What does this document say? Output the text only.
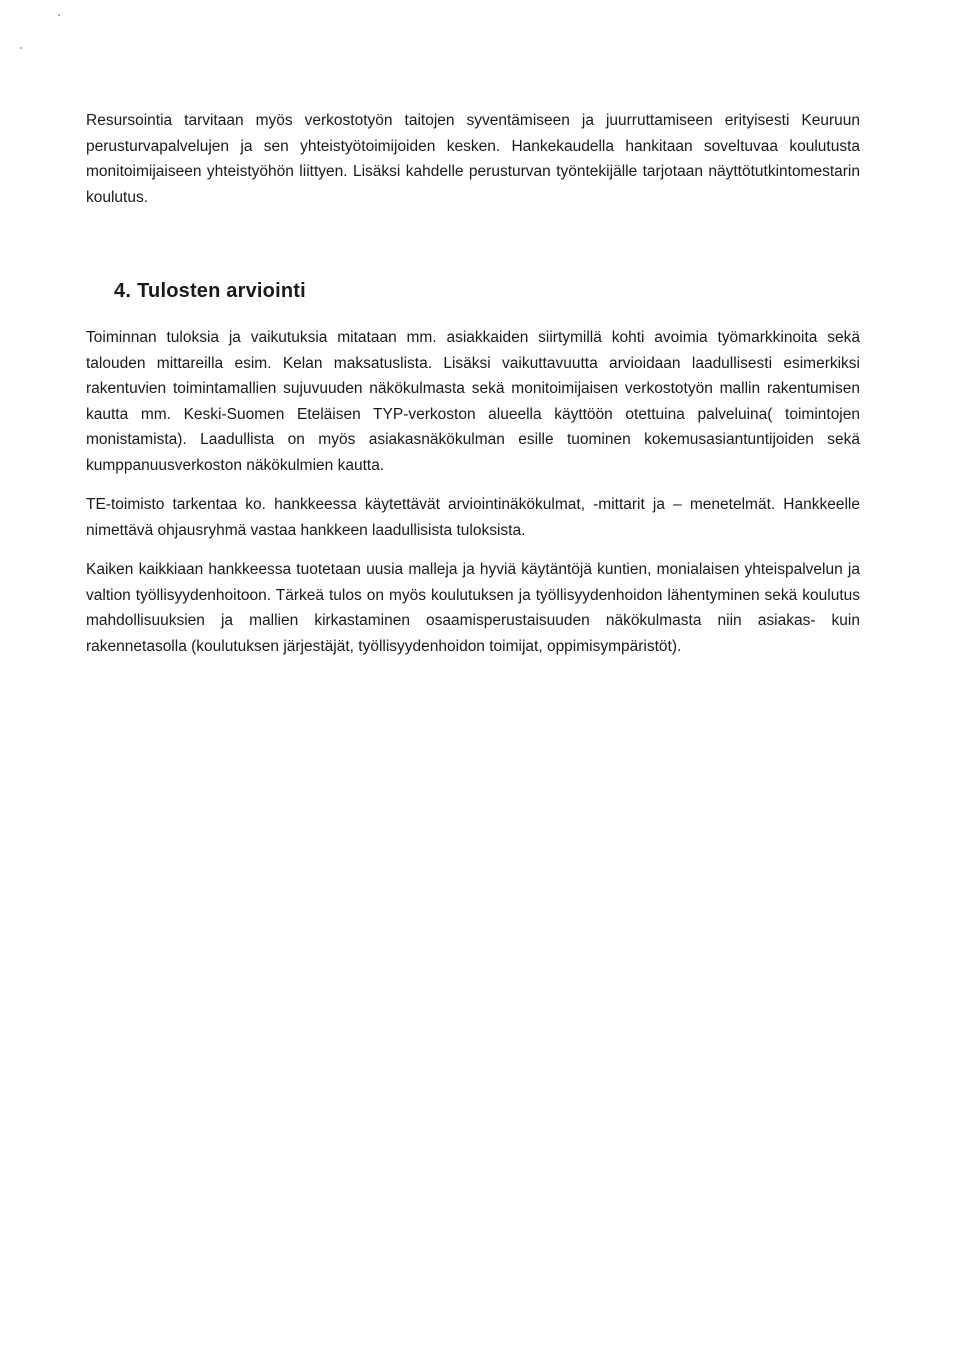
Resursointia tarvitaan myös verkostotyön taitojen syventämiseen ja juurruttamiseen erityisesti Keuruun perusturvapalvelujen ja sen yhteistyötoimijoiden kesken. Hankekaudella hankitaan soveltuvaa koulutusta monitoimijaiseen yhteistyöhön liittyen. Lisäksi kahdelle perusturvan työntekijälle tarjotaan näyttötutkintomestarin koulutus.

4. Tulosten arviointi

Toiminnan tuloksia ja vaikutuksia mitataan mm. asiakkaiden siirtymillä kohti avoimia työmarkkinoita sekä talouden mittareilla esim. Kelan maksatuslista. Lisäksi vaikuttavuutta arvioidaan laadullisesti esimerkiksi rakentuvien toimintamallien sujuvuuden näkökulmasta sekä monitoimijaisen verkostotyön mallin rakentumisen kautta mm. Keski-Suomen Eteläisen TYP-verkoston alueella käyttöön otettuina palveluina( toimintojen monistamista). Laadullista on myös asiakasnäkökulman esille tuominen kokemusasiantuntijoiden sekä kumppanuusverkoston näkökulmien kautta.

TE-toimisto tarkentaa ko. hankkeessa käytettävät arviointinäkökulmat, -mittarit ja – menetelmät. Hankkeelle nimettävä ohjausryhmä vastaa hankkeen laadullisista tuloksista.

Kaiken kaikkiaan hankkeessa tuotetaan uusia malleja ja hyviä käytäntöjä kuntien, monialaisen yhteispalvelun ja valtion työllisyydenhoitoon. Tärkeä tulos on myös koulutuksen ja työllisyydenhoidon lähentyminen sekä koulutus mahdollisuuksien ja mallien kirkastaminen osaamisperustaisuuden näkökulmasta niin asiakas- kuin rakennetasolla (koulutuksen järjestäjät, työllisyydenhoidon toimijat, oppimisympäristöt).
